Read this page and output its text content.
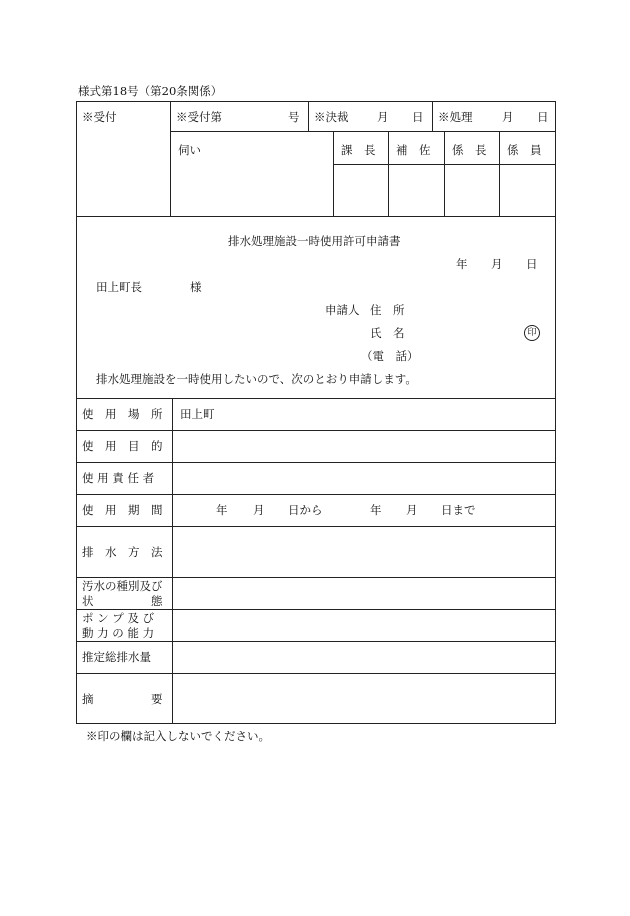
様式第18号（第20条関係）
※受付	※受付第	号 ※決裁 月 日 ※処理	月 日
伺い	課　長 補　佐 係　長 係　員
排水処理施設一時使用許可申請書
年 月 日
田上町長	様
申請人 住　所
氏　名	印
（電　話）
排水処理施設を一時使用したいので、次のとおり申請します。
使　用　場　所 田上町
使　用　目　的
使 用 責 任 者
使　用　期　間	年 月 日から	年 月 日まで
排　水　方　法
汚水の種別及び
状　　　　　態
ポ ン プ 及 び
動 力 の 能 力
推定総排水量
摘　　　　　要
※印の欄は記入しないでください。
